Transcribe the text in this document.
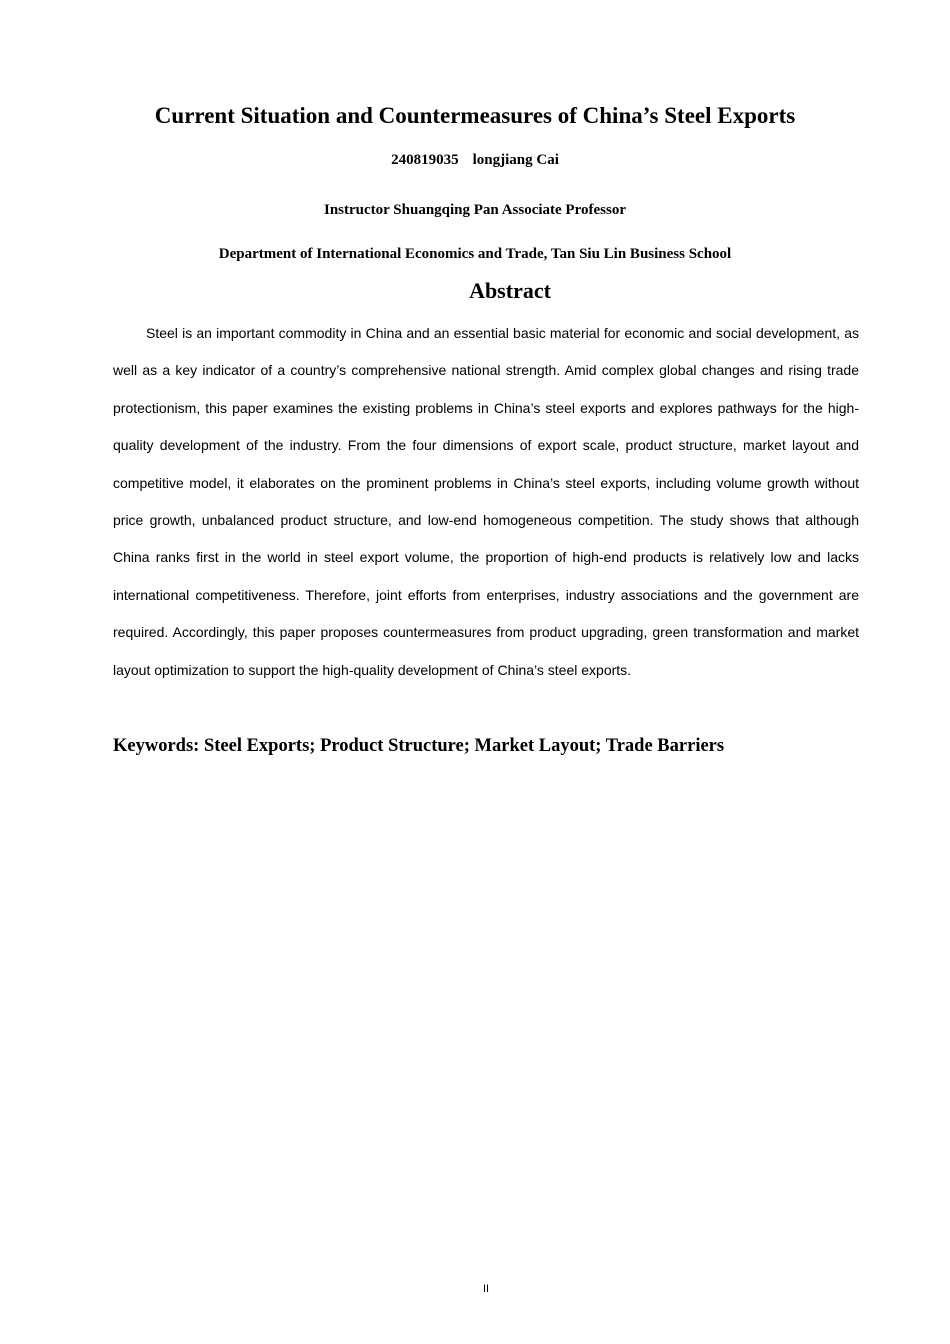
Current Situation and Countermeasures of China’s Steel Exports
240819035 longjiang Cai
Instructor Shuangqing Pan Associate Professor
Department of International Economics and Trade, Tan Siu Lin Business School
Abstract

Steel is an important commodity in China and an essential basic material for economic and social development, as well as a key indicator of a country’s comprehensive national strength. Amid complex global changes and rising trade protectionism, this paper examines the existing problems in China’s steel exports and explores pathways for the high-quality development of the industry. From the four dimensions of export scale, product structure, market layout and competitive model, it elaborates on the prominent problems in China’s steel exports, including volume growth without price growth, unbalanced product structure, and low-end homogeneous competition. The study shows that although China ranks first in the world in steel export volume, the proportion of high-end products is relatively low and lacks international competitiveness. Therefore, joint efforts from enterprises, industry associations and the government are required. Accordingly, this paper proposes countermeasures from product upgrading, green transformation and market layout optimization to support the high-quality development of China’s steel exports.

Keywords: Steel Exports; Product Structure; Market Layout; Trade Barriers
II
